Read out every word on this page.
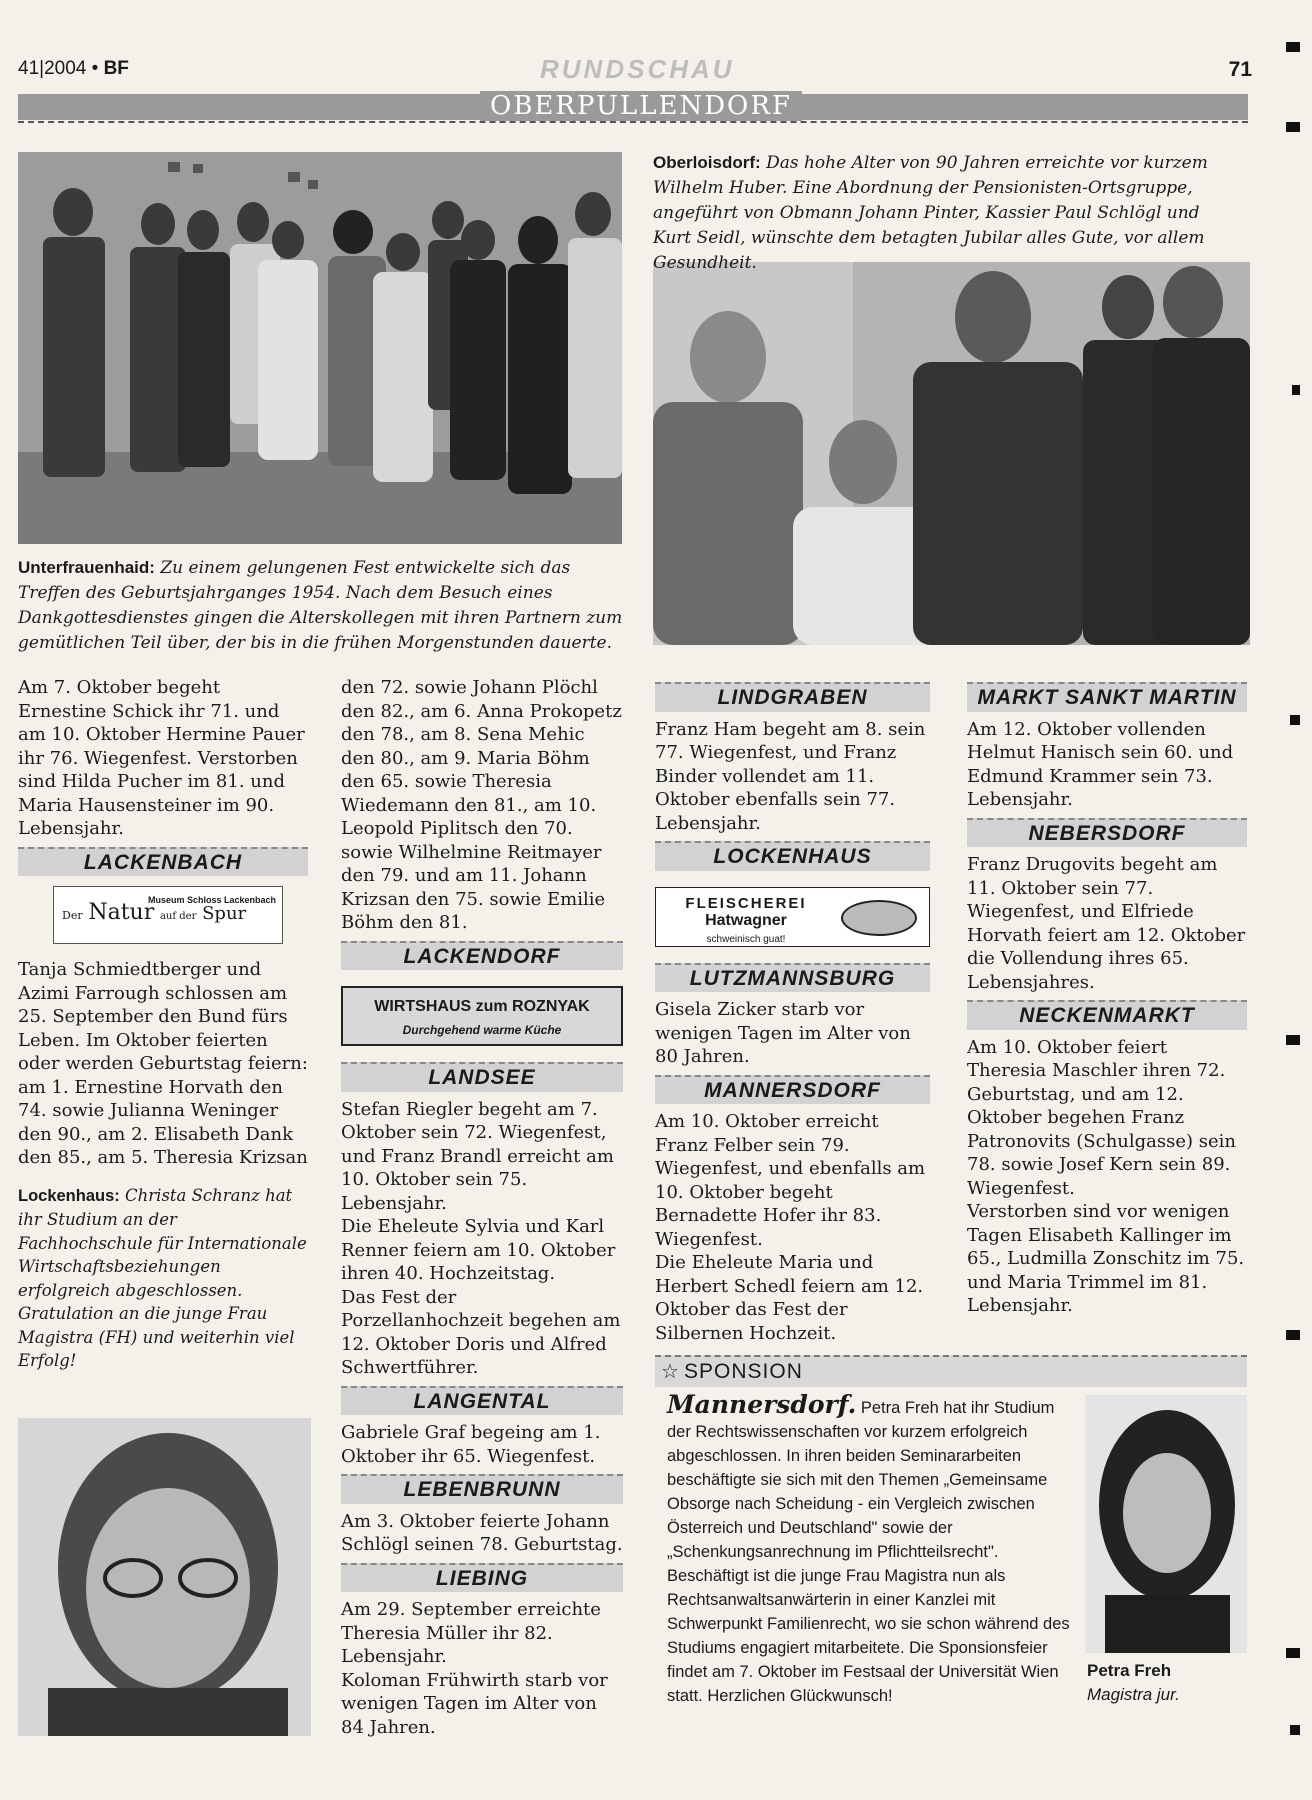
41|2004 • BF	RUNDSCHAU	71
OBERPULLENDORF
Oberloisdorf: Das hohe Alter von 90 Jahren erreichte vor kurzem Wilhelm Huber. Eine Abordnung der Pensionisten-Ortsgruppe, angeführt von Obmann Johann Pinter, Kassier Paul Schlögl und Kurt Seidl, wünschte dem betagten Jubilar alles Gute, vor allem Gesundheit.
Unterfrauenhaid: Zu einem gelungenen Fest entwickelte sich das Treffen des Geburtsjahrganges 1954. Nach dem Besuch eines Dankgottesdienstes gingen die Alterskollegen mit ihren Partnern zum gemütlichen Teil über, der bis in die frühen Morgenstunden dauerte.

Am 7. Oktober begeht Ernestine Schick ihr 71. und am 10. Oktober Hermine Pauer ihr 76. Wiegenfest. Verstorben sind Hilda Pucher im 81. und Maria Hausensteiner im 90. Lebensjahr.

LACKENBACH
Museum Schloss Lackenbach
Der Natur auf der Spur

Tanja Schmiedtberger und Azimi Farrough schlossen am 25. September den Bund fürs Leben. Im Oktober feierten oder werden Geburtstag feiern: am 1. Ernestine Horvath den 74. sowie Julianna Weninger den 90., am 2. Elisabeth Dank den 85., am 5. Theresia Krizsan

Lockenhaus: Christa Schranz hat ihr Studium an der Fachhochschule für Internationale Wirtschaftsbeziehungen erfolgreich abgeschlossen. Gratulation an die junge Frau Magistra (FH) und weiterhin viel Erfolg!

den 72. sowie Johann Plöchl den 82., am 6. Anna Prokopetz den 78., am 8. Sena Mehic den 80., am 9. Maria Böhm den 65. sowie Theresia Wiedemann den 81., am 10. Leopold Piplitsch den 70. sowie Wilhelmine Reitmayer den 79. und am 11. Johann Krizsan den 75. sowie Emilie Böhm den 81.

LACKENDORF
WIRTSHAUS zum ROZNYAK
Durchgehend warme Küche
LANDSEE

Stefan Riegler begeht am 7. Oktober sein 72. Wiegenfest, und Franz Brandl erreicht am 10. Oktober sein 75. Lebensjahr.

Die Eheleute Sylvia und Karl Renner feiern am 10. Oktober ihren 40. Hochzeitstag.

Das Fest der Porzellanhochzeit begehen am 12. Oktober Doris und Alfred Schwertführer.

LANGENTAL

Gabriele Graf begeing am 1. Oktober ihr 65. Wiegenfest.

LEBENBRUNN

Am 3. Oktober feierte Johann Schlögl seinen 78. Geburtstag.

LIEBING

Am 29. September erreichte Theresia Müller ihr 82. Lebensjahr.

Koloman Frühwirth starb vor wenigen Tagen im Alter von 84 Jahren.

LINDGRABEN

Franz Ham begeht am 8. sein 77. Wiegenfest, und Franz Binder vollendet am 11. Oktober ebenfalls sein 77. Lebensjahr.

LOCKENHAUS
FLEISCHEREI
Hatwagner
schweinisch guat!
LUTZMANNSBURG

Gisela Zicker starb vor wenigen Tagen im Alter von 80 Jahren.

MANNERSDORF

Am 10. Oktober erreicht Franz Felber sein 79. Wiegenfest, und ebenfalls am 10. Oktober begeht Bernadette Hofer ihr 83. Wiegenfest.

Die Eheleute Maria und Herbert Schedl feiern am 12. Oktober das Fest der Silbernen Hochzeit.

MARKT SANKT MARTIN

Am 12. Oktober vollenden Helmut Hanisch sein 60. und Edmund Krammer sein 73. Lebensjahr.

NEBERSDORF

Franz Drugovits begeht am 11. Oktober sein 77. Wiegenfest, und Elfriede Horvath feiert am 12. Oktober die Vollendung ihres 65. Lebensjahres.

NECKENMARKT

Am 10. Oktober feiert Theresia Maschler ihren 72. Geburtstag, und am 12. Oktober begehen Franz Patronovits (Schulgasse) sein 78. sowie Josef Kern sein 89. Wiegenfest.

Verstorben sind vor wenigen Tagen Elisabeth Kallinger im 65., Ludmilla Zonschitz im 75. und Maria Trimmel im 81. Lebensjahr.

☆ SPONSION
Mannersdorf. Petra Freh hat ihr Studium der Rechtswissenschaften vor kurzem erfolgreich abgeschlossen. In ihren beiden Seminararbeiten beschäftigte sie sich mit den Themen „Gemeinsame Obsorge nach Scheidung - ein Vergleich zwischen Österreich und Deutschland" sowie der „Schenkungsanrechnung im Pflichtteilsrecht". Beschäftigt ist die junge Frau Magistra nun als Rechtsanwaltsanwärterin in einer Kanzlei mit Schwerpunkt Familienrecht, wo sie schon während des Studiums engagiert mitarbeitete. Die Sponsionsfeier findet am 7. Oktober im Festsaal der Universität Wien statt. Herzlichen Glückwunsch!
Petra Freh
Magistra jur.
